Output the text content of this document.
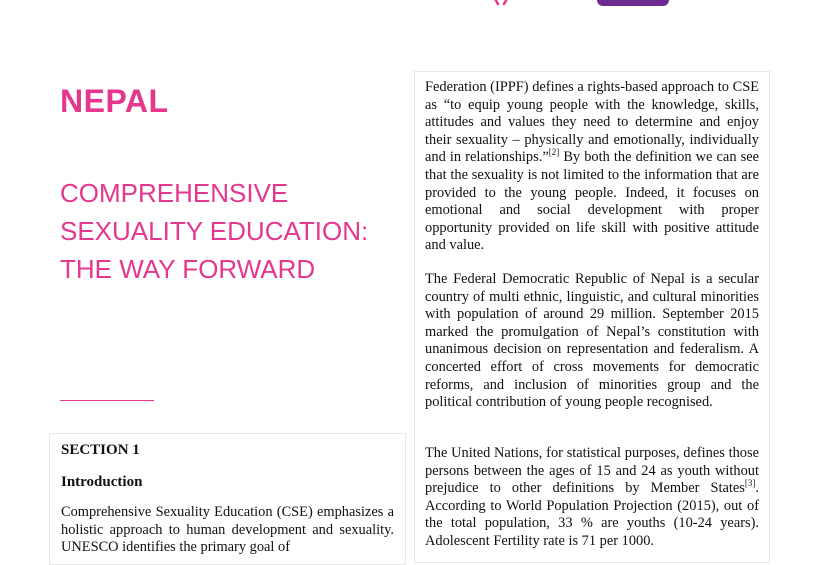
NEPAL
COMPREHENSIVE
SEXUALITY EDUCATION:
THE WAY FORWARD
SECTION 1
Introduction

Comprehensive Sexuality Education (CSE) emphasizes a holistic approach to human development and sexuality. UNESCO identifies the primary goal of

Federation (IPPF) defines a rights-based approach to CSE as “to equip young people with the knowledge, skills, attitudes and values they need to determine and enjoy their sexuality – physically and emotionally, individually and in relationships.”[2] By both the definition we can see that the sexuality is not limited to the information that are provided to the young people. Indeed, it focuses on emotional and social development with proper opportunity provided on life skill with positive attitude and value.

The Federal Democratic Republic of Nepal is a secular country of multi ethnic, linguistic, and cultural minorities with population of around 29 million. September 2015 marked the promulgation of Nepal’s constitution with unanimous decision on representation and federalism. A concerted effort of cross movements for democratic reforms, and inclusion of minorities group and the political contribution of young people recognised.

The United Nations, for statistical purposes, defines those persons between the ages of 15 and 24 as youth without prejudice to other definitions by Member States[3]. According to World Population Projection (2015), out of the total population, 33 % are youths (10-24 years). Adolescent Fertility rate is 71 per 1000.
